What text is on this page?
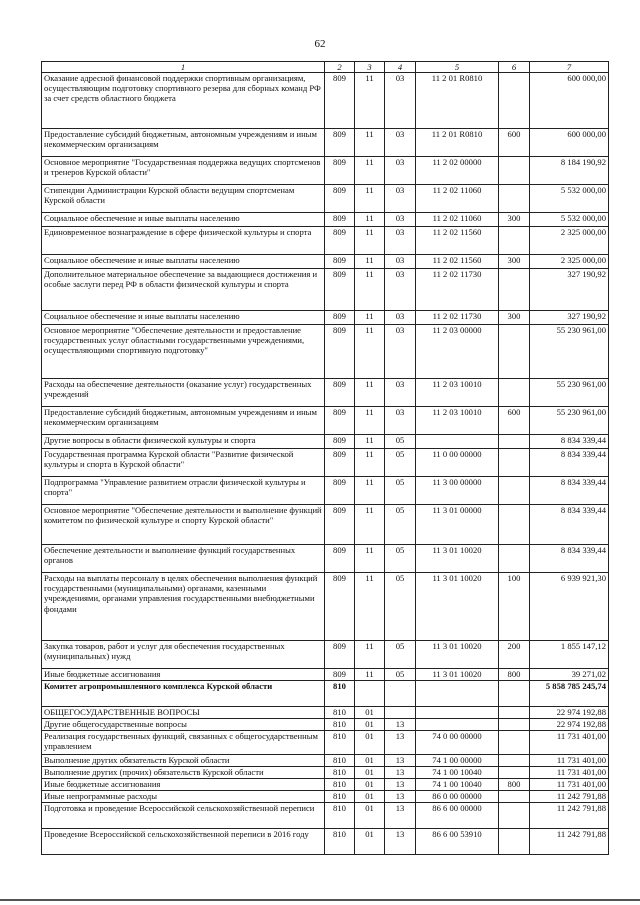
62
1	2	3	4	5	6	7
Оказание адресной финансовой поддержки спортивным организациям, осуществляющим подготовку спортивного резерва для сборных команд РФ за счет средств областного бюджета	809	11	03	11 2 01 R0810		600 000,00
Предоставление субсидий бюджетным, автономным учреждениям и иным некоммерческим организациям	809	11	03	11 2 01 R0810	600	600 000,00
Основное мероприятие "Государственная поддержка ведущих спортсменов и тренеров Курской области"	809	11	03	11 2 02 00000		8 184 190,92
Стипендии Администрации Курской области ведущим спортсменам Курской области	809	11	03	11 2 02 11060		5 532 000,00
Социальное обеспечение и иные выплаты населению	809	11	03	11 2 02 11060	300	5 532 000,00
Единовременное вознаграждение в сфере физической культуры и спорта	809	11	03	11 2 02 11560		2 325 000,00
Социальное обеспечение и иные выплаты населению	809	11	03	11 2 02 11560	300	2 325 000,00
Дополнительное материальное обеспечение за выдающиеся достижения и особые заслуги перед РФ в области физической культуры и спорта	809	11	03	11 2 02 11730		327 190,92
Социальное обеспечение и иные выплаты населению	809	11	03	11 2 02 11730	300	327 190,92
Основное мероприятие "Обеспечение деятельности и предоставление государственных услуг областными государственными учреждениями, осуществляющими спортивную подготовку"	809	11	03	11 2 03 00000		55 230 961,00
Расходы на обеспечение деятельности (оказание услуг) государственных учреждений	809	11	03	11 2 03 10010		55 230 961,00
Предоставление субсидий бюджетным, автономным учреждениям и иным некоммерческим организациям	809	11	03	11 2 03 10010	600	55 230 961,00
Другие вопросы в области физической культуры и спорта	809	11	05			8 834 339,44
Государственная программа Курской области "Развитие физической культуры и спорта в Курской области"	809	11	05	11 0 00 00000		8 834 339,44
Подпрограмма "Управление развитием отрасли физической культуры и спорта"	809	11	05	11 3 00 00000		8 834 339,44
Основное мероприятие "Обеспечение деятельности и выполнение функций комитетом по физической культуре и спорту Курской области"	809	11	05	11 3 01 00000		8 834 339,44
Обеспечение деятельности и выполнение функций государственных органов	809	11	05	11 3 01 10020		8 834 339,44
Расходы на выплаты персоналу в целях обеспечения выполнения функций государственными (муниципальными) органами, казенными учреждениями, органами управления государственными внебюджетными фондами	809	11	05	11 3 01 10020	100	6 939 921,30
Закупка товаров, работ и услуг для обеспечения государственных (муниципальных) нужд	809	11	05	11 3 01 10020	200	1 855 147,12
Иные бюджетные ассигнования	809	11	05	11 3 01 10020	800	39 271,02
Комитет агропромышленного комплекса Курской области	810					5 858 785 245,74
ОБЩЕГОСУДАРСТВЕННЫЕ ВОПРОСЫ	810	01				22 974 192,88
Другие общегосударственные вопросы	810	01	13			22 974 192,88
Реализация государственных функций, связанных с общегосударственным управлением	810	01	13	74 0 00 00000		11 731 401,00
Выполнение других обязательств Курской области	810	01	13	74 1 00 00000		11 731 401,00
Выполнение других (прочих) обязательств Курской области	810	01	13	74 1 00 10040		11 731 401,00
Иные бюджетные ассигнования	810	01	13	74 1 00 10040	800	11 731 401,00
Иные непрограммные расходы	810	01	13	86 0 00 00000		11 242 791,88
Подготовка и проведение Всероссийской сельскохозяйственной переписи	810	01	13	86 6 00 00000		11 242 791,88
Проведение Всероссийской сельскохозяйственной переписи в 2016 году	810	01	13	86 6 00 53910		11 242 791,88
